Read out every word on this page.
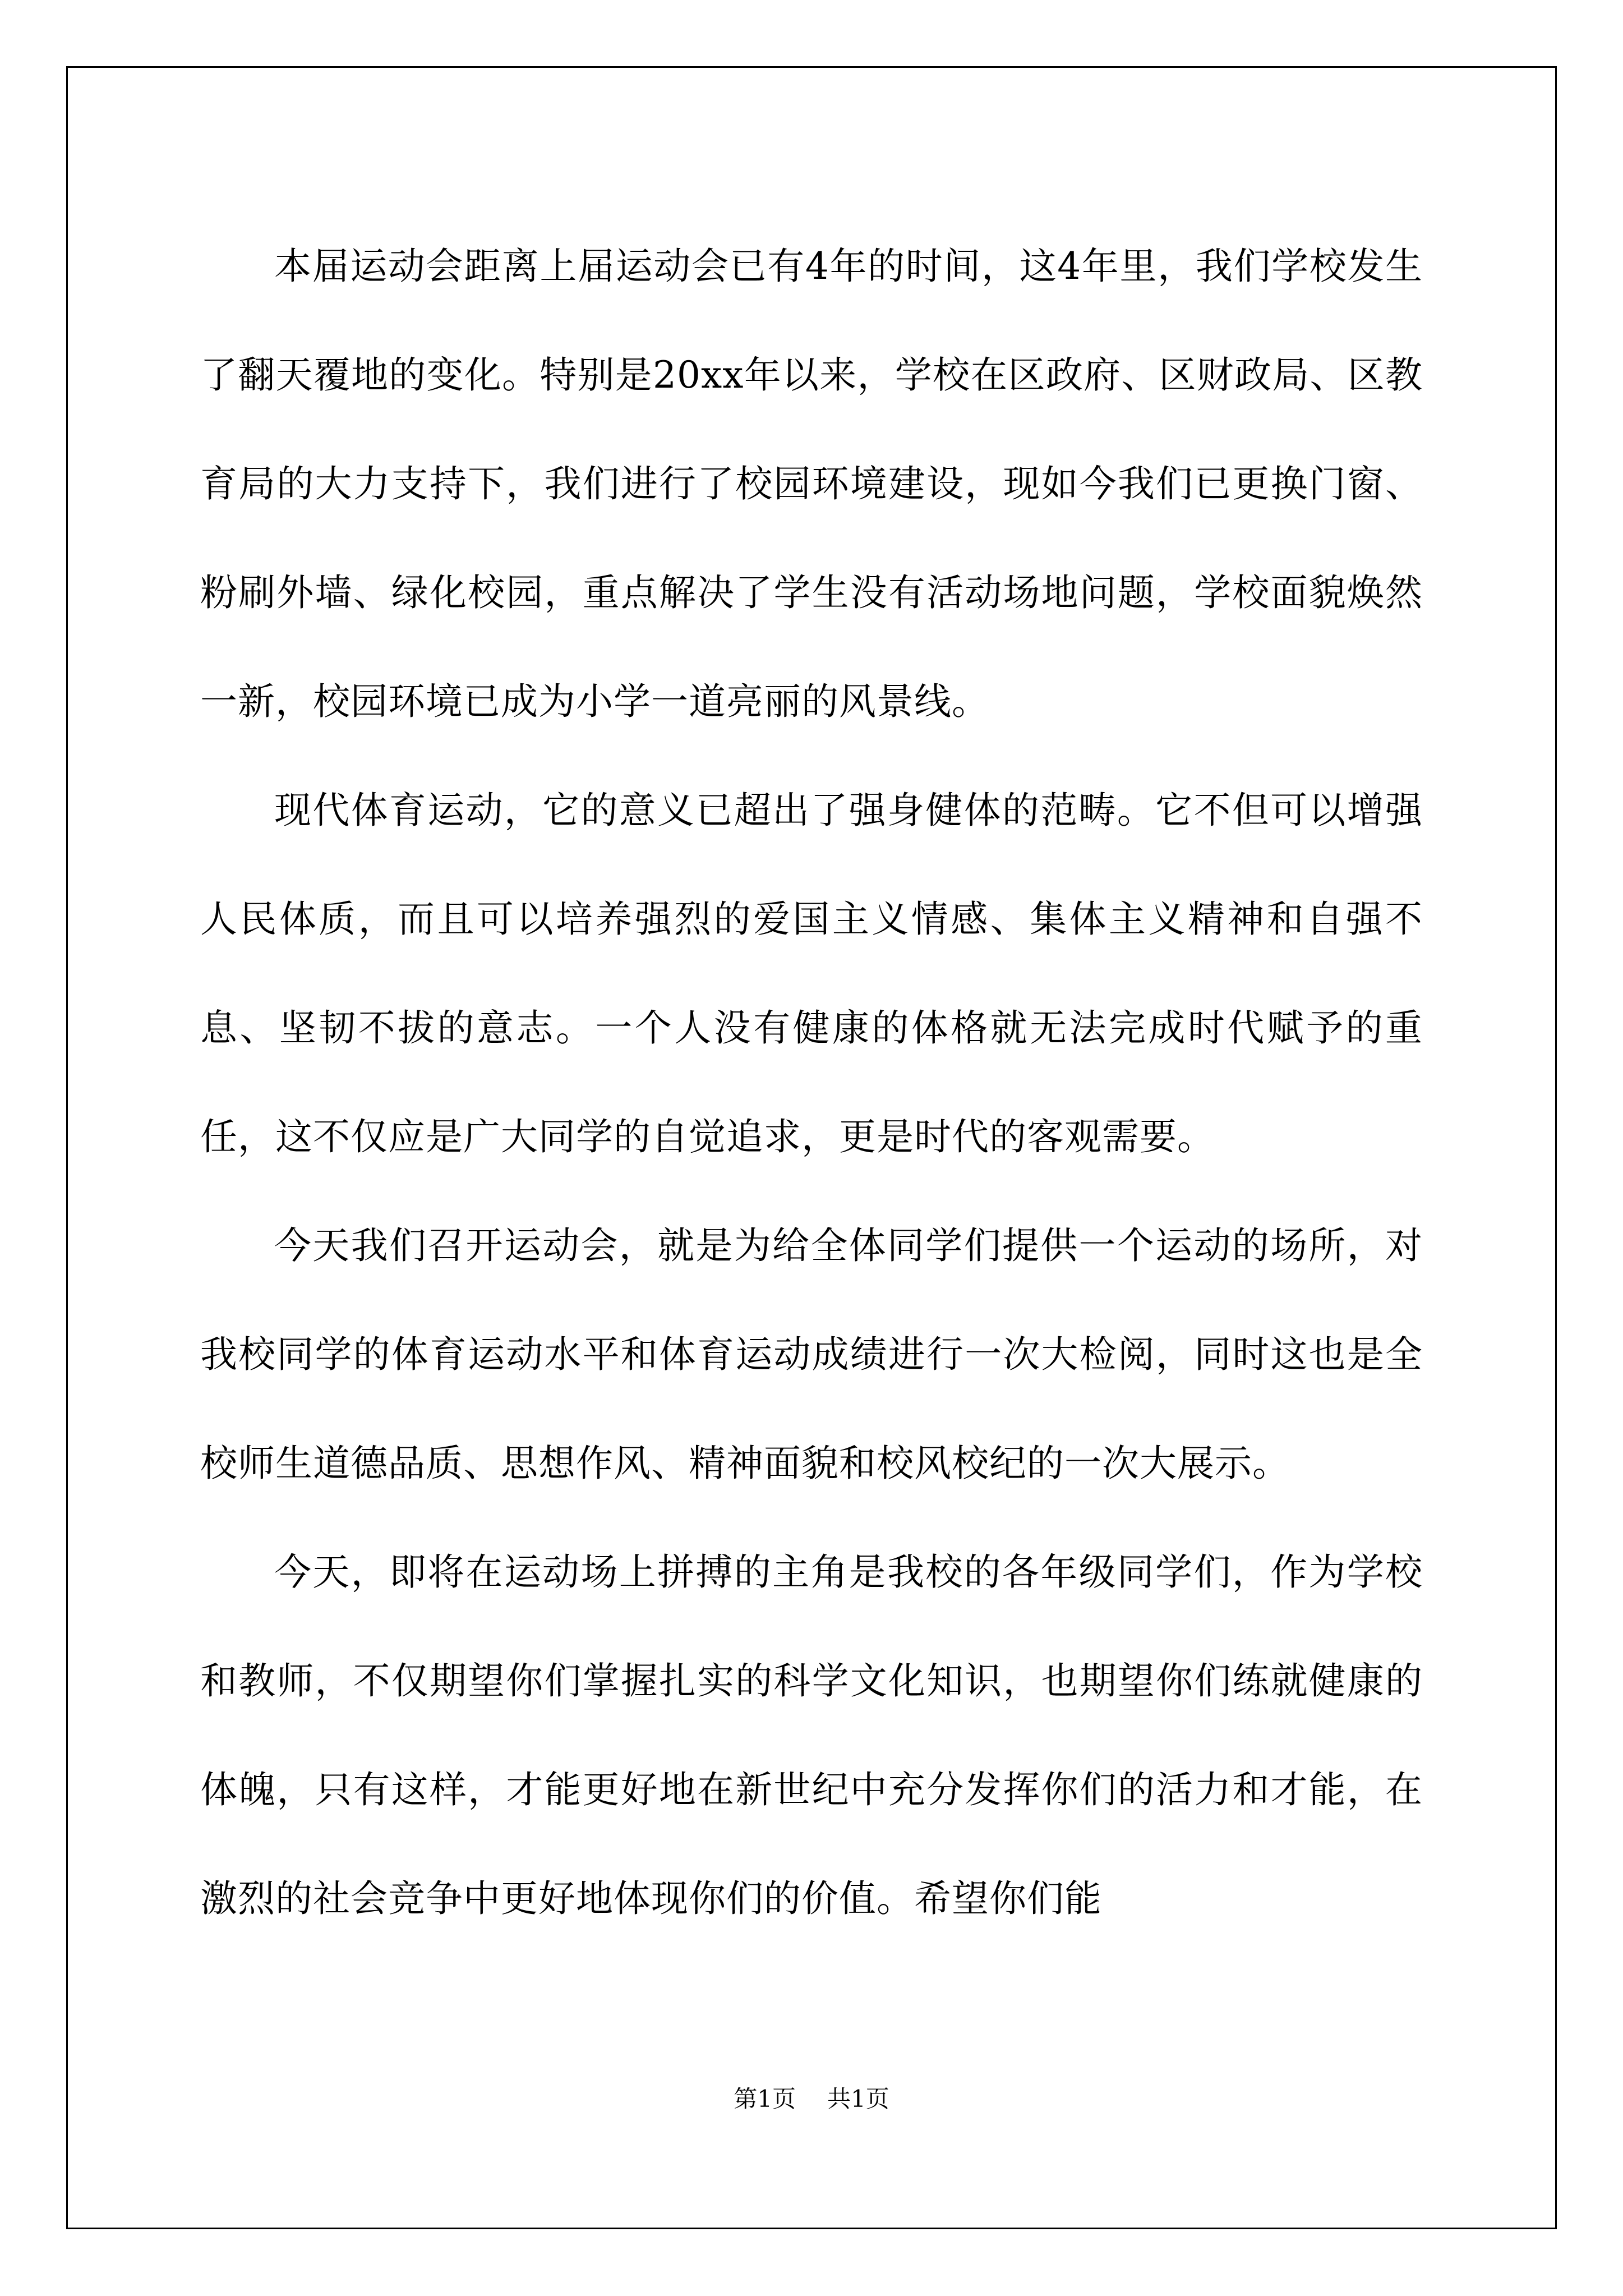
本届运动会距离上届运动会已有4年的时间，这4年里，我们学校发生了翻天覆地的变化。特别是20xx年以来，学校在区政府、区财政局、区教育局的大力支持下，我们进行了校园环境建设，现如今我们已更换门窗、粉刷外墙、绿化校园，重点解决了学生没有活动场地问题，学校面貌焕然一新，校园环境已成为小学一道亮丽的风景线。

现代体育运动，它的意义已超出了强身健体的范畴。它不但可以增强人民体质，而且可以培养强烈的爱国主义情感、集体主义精神和自强不息、坚韧不拔的意志。一个人没有健康的体格就无法完成时代赋予的重任，这不仅应是广大同学的自觉追求，更是时代的客观需要。

今天我们召开运动会，就是为给全体同学们提供一个运动的场所，对我校同学的体育运动水平和体育运动成绩进行一次大检阅，同时这也是全校师生道德品质、思想作风、精神面貌和校风校纪的一次大展示。

今天，即将在运动场上拼搏的主角是我校的各年级同学们，作为学校和教师，不仅期望你们掌握扎实的科学文化知识，也期望你们练就健康的体魄，只有这样，才能更好地在新世纪中充分发挥你们的活力和才能，在激烈的社会竞争中更好地体现你们的价值。希望你们能

第1页 共1页
